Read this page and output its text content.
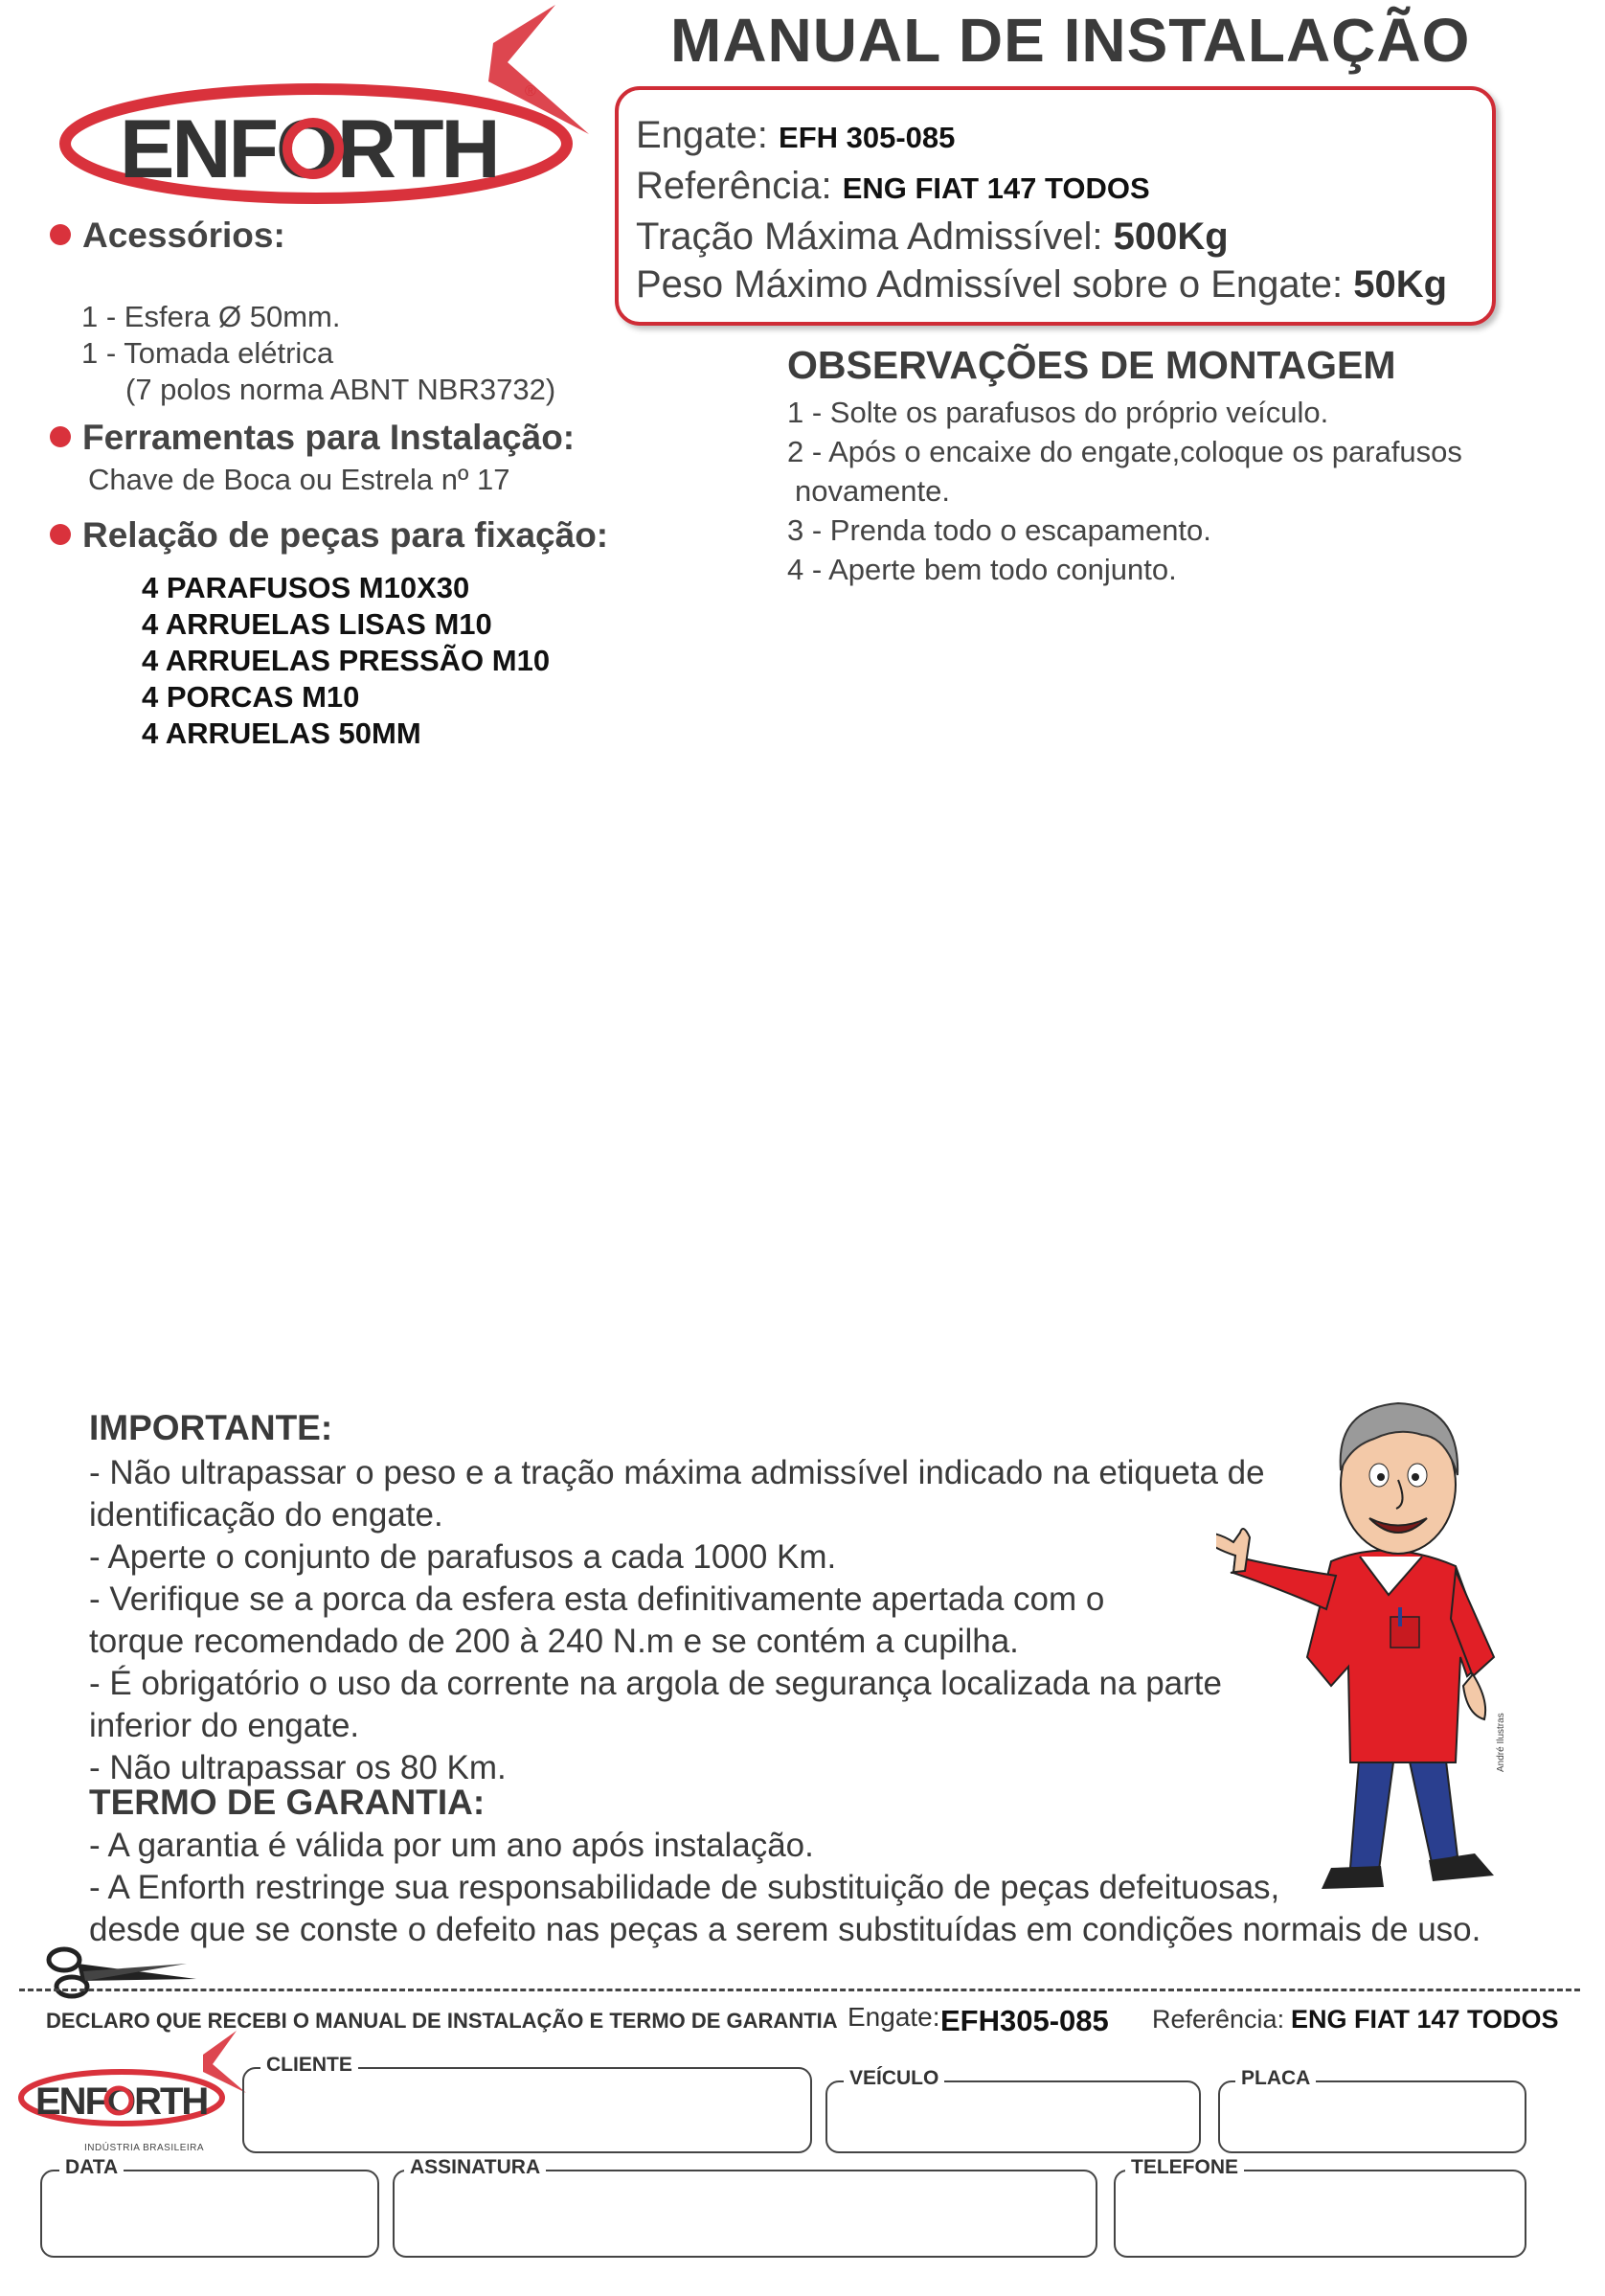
ENFORTH
®
MANUAL DE INSTALAÇÃO
Engate: EFH 305-085
Referência: ENG FIAT 147 TODOS
Tração Máxima Admissível: 500Kg
Peso Máximo Admissível sobre o Engate: 50Kg
Acessórios:
1 - Esfera Ø 50mm.
1 - Tomada elétrica
(7 polos norma ABNT NBR3732)
Ferramentas para Instalação:
Chave de Boca ou Estrela nº 17
Relação de peças para fixação:
4 PARAFUSOS M10X30
4 ARRUELAS LISAS M10
4 ARRUELAS PRESSÃO M10
4 PORCAS M10
4 ARRUELAS 50MM
OBSERVAÇÕES DE MONTAGEM
1 - Solte os parafusos do próprio veículo.
2 - Após o encaixe do engate,coloque os parafusos
novamente.
3 - Prenda todo o escapamento.
4 - Aperte bem todo conjunto.
IMPORTANTE:
- Não ultrapassar o peso e a tração máxima admissível indicado na etiqueta de
identificação do engate.
- Aperte o conjunto de parafusos a cada 1000 Km.
- Verifique se a porca da esfera esta definitivamente apertada com o
torque recomendado de 200 à 240 N.m e se contém a cupilha.
- É obrigatório o uso da corrente na argola de segurança localizada na parte
inferior do engate.
- Não ultrapassar os 80 Km.
TERMO DE GARANTIA:
- A garantia é válida por um ano após instalação.
- A Enforth restringe sua responsabilidade de substituição de peças defeituosas,
desde que se conste o defeito nas peças a serem substituídas em condições normais de uso.
André Ilustras
DECLARO QUE RECEBI O MANUAL DE INSTALAÇÃO E TERMO DE GARANTIA Engate: EFH305-085 Referência: ENG FIAT 147 TODOS
ENFORTH
INDÚSTRIA BRASILEIRA
CLIENTE
VEÍCULO	PLACA
DATA	ASSINATURA	TELEFONE
